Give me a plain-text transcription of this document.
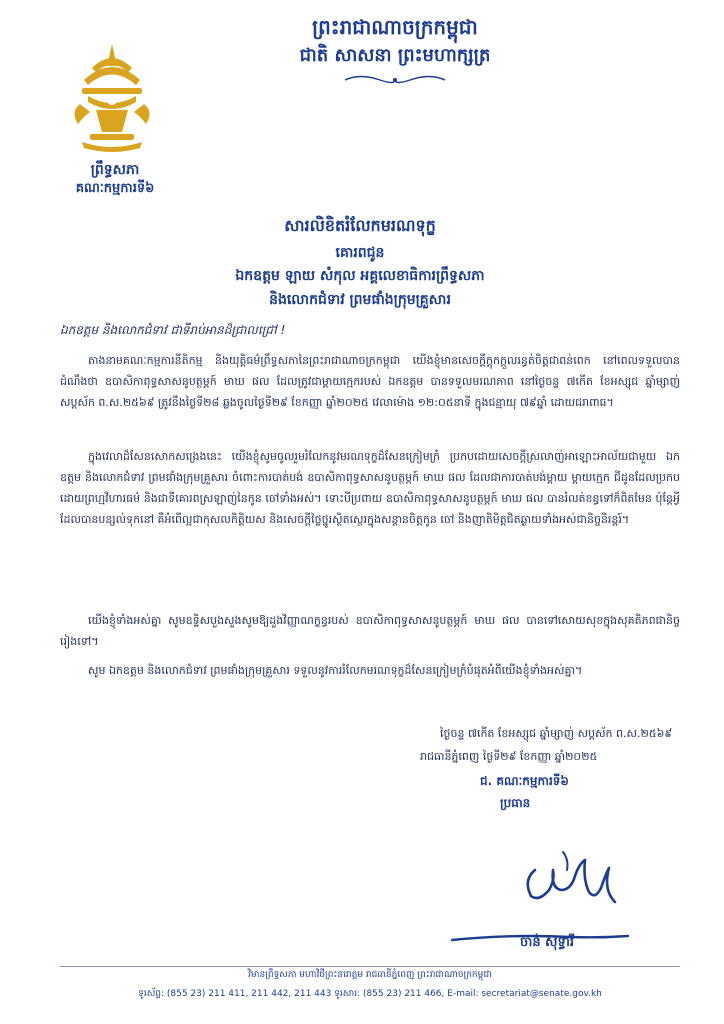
ព្រះរាជាណាចក្រកម្ពុជា
ជាតិ សាសនា ព្រះមហាក្សត្រ
ព្រឹទ្ធសភា
គណៈកម្មការទី៦
សារលិខិតរំលែកមរណទុក្ខ
គោរពជូន
ឯកឧត្តម ឡាយ សំកុល អគ្គលេខាធិការព្រឹទ្ធសភា
និងលោកជំទាវ ព្រមផាំងក្រុមគ្រួសារ
ឯកឧត្តម និងលោកជំទាវ ជាទីរាប់អានដ៏ជ្រាលជ្រៅ !
តាងនាមគណៈកម្មការនីតិកម្ម និងយុត្តិធម៌ព្រឹទ្ធសភានៃព្រះរាជាណាចក្រកម្ពុជា យើងខ្ញុំមានសេចក្តីក្តុកក្តួលរន្ធត់ចិត្តជាពន់ពេក នៅពេលទទួលបានដំណឹងថា ឧបាសិកាពុទ្ធសាសនូបត្ថម្ភក៍ មាឃ ផល ដែលត្រូវជាម្តាយក្មេករបស់ ឯកឧត្តម បានទទួលមរណភាព នៅថ្ងៃចន្ទ ៧កើត ខែអស្សុជ ឆ្នាំម្សាញ់ សប្តស័ក ព.ស.២៥៦៩ ត្រូវនឹងថ្ងៃទី២៨ ឆ្លងចូលថ្ងៃទី២៩ ខែកញ្ញា ឆ្នាំ២០២៥ វេលាម៉ោង ១២:០៥នាទី ក្នុងជន្មាយុ ៧៩ឆ្នាំ ដោយជរាពាធ។
ក្នុងវេលាដ៏សែនសោកសង្រេងនេះ យើងខ្ញុំសូមចូលរួមរំលែកនូវមរណទុក្ខដ៏សែនក្រៀមក្រំ ប្រកបដោយសេចក្តីស្រលាញ់អាឡោះអាល័យជាមួយ ឯកឧត្តម និងលោកជំទាវ ព្រមផាំងក្រុមគ្រួសារ ចំពោះការបាត់បង់ ឧបាសិកាពុទ្ធសាសនូបត្ថម្ភក៍ មាឃ ផល ដែលជាការបាត់បង់ម្តាយ ម្តាយក្មេក ជីដូនដែលប្រកបដោយព្រហ្មវិហារធម៌ និងជាទីគោរពស្រឡាញ់នៃកូន ចៅទាំងអស់។ ទោះបីប្រពាយ ឧបាសិកាពុទ្ធសាសនូបត្ថម្ភក៍ មាឃ ផល បានរំលត់ខន្ធទៅក៏ពិតមែន ប៉ុន្តែអ្វីដែលបានបន្សល់ទុកនៅ គឺអំពើល្អជាកុសលកិត្តិយស និងសេចក្តីថ្លៃថ្នូរស្ថិតស្ថេរក្នុងសន្តានចិត្តកូន ចៅ និងញាតិមិត្តជិតឆ្ងាយទាំងអស់ជានិច្ចនិរន្តរ៍។
យើងខ្ញុំទាំងអស់គ្នា សូមឧទ្ទិសបួងសួងសូមឱ្យដួងវិញ្ញាណក្ខន្ធរបស់ ឧបាសិកាពុទ្ធសាសនូបត្ថម្ភក៍ មាឃ ផល បានទៅសោយសុខក្នុងសុគតិភពជានិច្ចរៀងទៅ។
សូម ឯកឧត្តម និងលោកជំទាវ ព្រមផាំងក្រុមគ្រួសារ ទទួលនូវការរំលែកមរណទុក្ខដ៏សែនក្រៀមក្រំបំផុតអំពីយើងខ្ញុំទាំងអស់គ្នា។
ថ្ងៃចន្ទ ៧កើត ខែអស្សុជ ឆ្នាំម្សាញ់ សប្តស័ក ព.ស.២៥៦៩
រាជធានីភ្នំពេញ ថ្ងៃទី២៩ ខែកញ្ញា ឆ្នាំ២០២៥
ជ. គណៈកម្មការទី៦
ប្រធាន
ចាន់ សុទ្ធាវី
វិមានព្រឹទ្ធសភា មហាវិថីព្រះនរោត្តម រាជធានីភ្នំពេញ ព្រះរាជាណាចក្រកម្ពុជា
ទូរស័ព្ទ: (855 23) 211 411, 211 442, 211 443 ទូរសារ: (855 23) 211 466, E-mail: secretariat@senate.gov.kh
